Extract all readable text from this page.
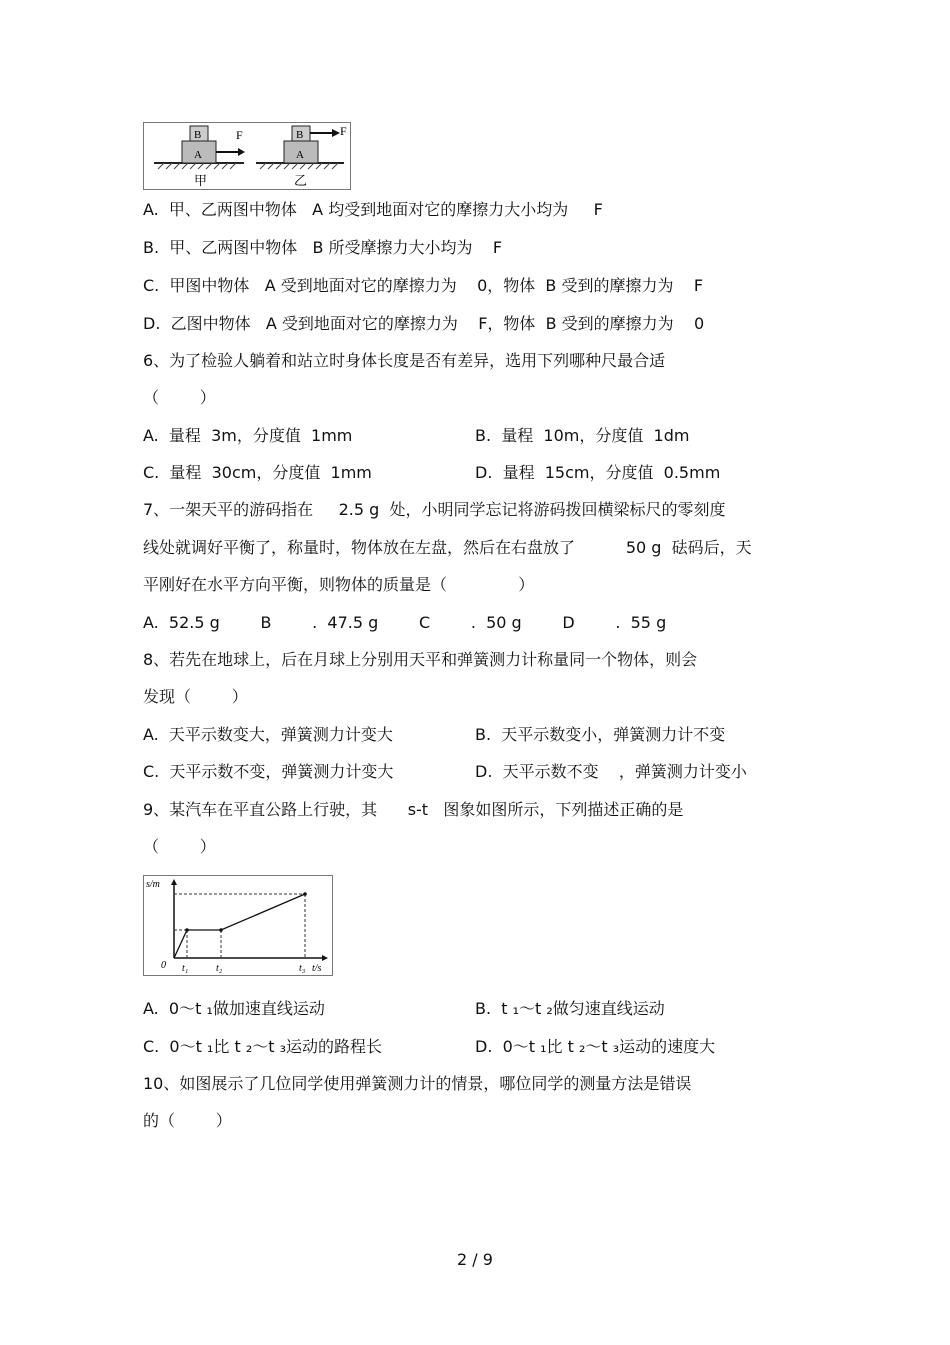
B
A
F	B
A
F
甲	乙
A.  甲、乙两图中物体   A 均受到地面对它的摩擦力大小均为     F
B.  甲、乙两图中物体   B 所受摩擦力大小均为    F
C.  甲图中物体   A 受到地面对它的摩擦力为    0，物体  B 受到的摩擦力为    F
D.  乙图中物体   A 受到地面对它的摩擦力为    F，物体  B 受到的摩擦力为    0
6、为了检验人躺着和站立时身体长度是否有差异，选用下列哪种尺最合适
（        ）
A.  量程  3m，分度值  1mm	B.  量程  10m，分度值  1dm
C.  量程  30cm，分度值  1mm	D.  量程  15cm，分度值  0.5mm
7、一架天平的游码指在     2.5 g  处，小明同学忘记将游码拨回横梁标尺的零刻度
线处就调好平衡了，称量时，物体放在左盘，然后在右盘放了          50 g  砝码后，天
平刚好在水平方向平衡，则物体的质量是（              ）
A.  52.5 g        B        .  47.5 g        C        .  50 g        D        .  55 g
8、若先在地球上，后在月球上分别用天平和弹簧测力计称量同一个物体，则会
发现（        ）
A.  天平示数变大，弹簧测力计变大	B.  天平示数变小，弹簧测力计不变
C.  天平示数不变，弹簧测力计变大	D.  天平示数不变    ，弹簧测力计变小
9、某汽车在平直公路上行驶，其      s-t   图象如图所示，下列描述正确的是
（        ）
s/m
0 t₁	t₂	t₃ t/s
A.  0～t ₁做加速直线运动	B.  t ₁～t ₂做匀速直线运动
C.  0～t ₁比 t ₂～t ₃运动的路程长	D.  0～t ₁比 t ₂～t ₃运动的速度大
10、如图展示了几位同学使用弹簧测力计的情景，哪位同学的测量方法是错误
的（        ）
2 / 9
